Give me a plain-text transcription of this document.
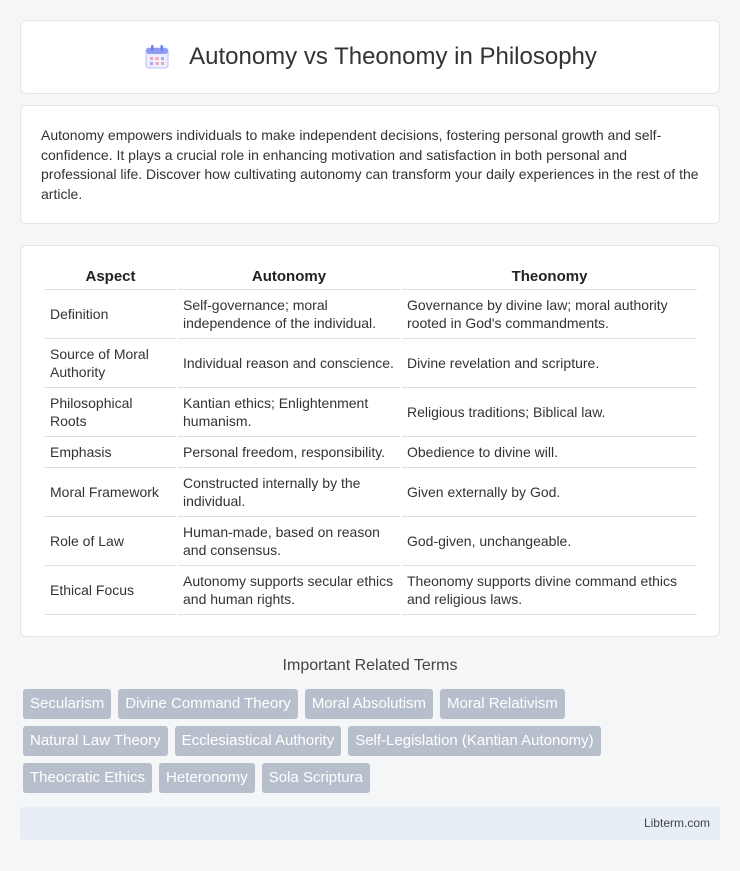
Autonomy vs Theonomy in Philosophy

Autonomy empowers individuals to make independent decisions, fostering personal growth and self-confidence. It plays a crucial role in enhancing motivation and satisfaction in both personal and professional life. Discover how cultivating autonomy can transform your daily experiences in the rest of the article.

Aspect	Autonomy	Theonomy
Definition	Self-governance; moral independence of the individual.	Governance by divine law; moral authority rooted in God's commandments.
Source of Moral Authority	Individual reason and conscience.	Divine revelation and scripture.
Philosophical Roots	Kantian ethics; Enlightenment humanism.	Religious traditions; Biblical law.
Emphasis	Personal freedom, responsibility.	Obedience to divine will.
Moral Framework	Constructed internally by the individual.	Given externally by God.
Role of Law	Human-made, based on reason and consensus.	God-given, unchangeable.
Ethical Focus	Autonomy supports secular ethics and human rights.	Theonomy supports divine command ethics and religious laws.
Important Related Terms
Secularism	Divine Command Theory	Moral Absolutism	Moral Relativism
Natural Law Theory	Ecclesiastical Authority	Self-Legislation (Kantian Autonomy)
Theocratic Ethics	Heteronomy	Sola Scriptura
Libterm.com
